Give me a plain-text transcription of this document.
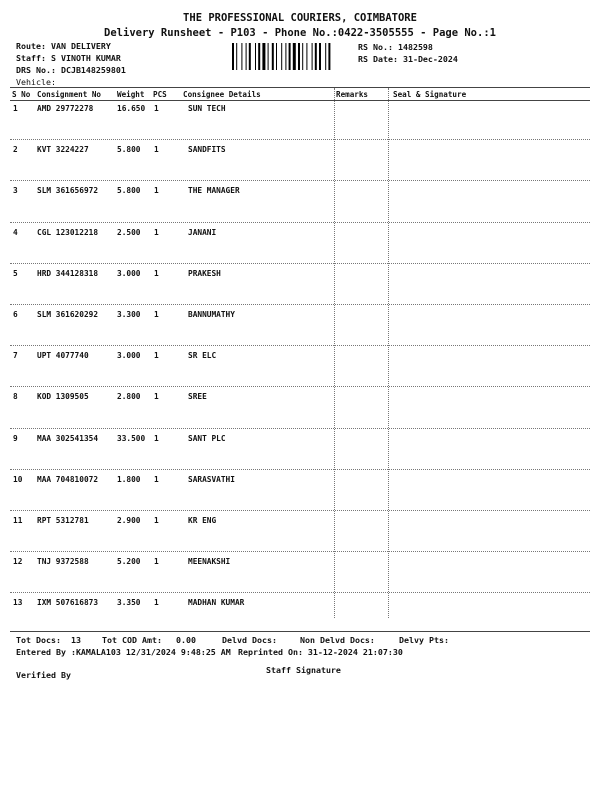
THE PROFESSIONAL COURIERS, COIMBATORE
Delivery Runsheet - P103 - Phone No.:0422-3505555 - Page No.:1
Route: VAN DELIVERY
Staff: S VINOTH KUMAR
DRS No.: DCJB148259801
Vehicle:
RS No.: 1482598
RS Date: 31-Dec-2024
S No Consignment No Weight PCS Consignee Details	Remarks	Seal & Signature
1 AMD 29772278	16.650 1	SUN TECH
2 KVT 3224227	5.800 1	SANDFITS
3 SLM 361656972 5.800 1	THE MANAGER
4 CGL 123012218 2.500 1	JANANI
5 HRD 344128318 3.000 1	PRAKESH
6 SLM 361620292 3.300 1	BANNUMATHY
7 UPT 4077740	3.000 1	SR ELC
8 KOD 1309505	2.800 1	SREE
9 MAA 302541354 33.500 1	SANT PLC
10 MAA 704810072 1.800 1	SARASVATHI
11 RPT 5312781	2.900 1	KR ENG
12 TNJ 9372588	5.200 1	MEENAKSHI
13 IXM 507616873 3.350 1	MADHAN KUMAR
Tot Docs: 13	Tot COD Amt: 0.00	Delvd Docs:	Non Delvd Docs:	Delvy Pts:
Entered By :KAMALA103 12/31/2024 9:48:25 AM Reprinted On: 31-12-2024 21:07:30
Verified By	Staff Signature
